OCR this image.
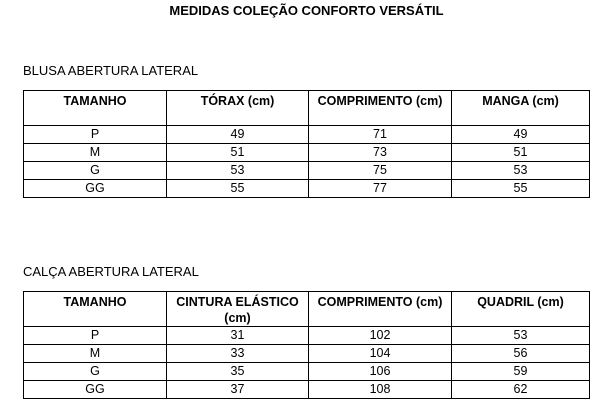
MEDIDAS COLEÇÃO CONFORTO VERSÁTIL
BLUSA ABERTURA LATERAL
TAMANHO	TÓRAX (cm)	COMPRIMENTO (cm)	MANGA (cm)
P	49	71	49
M	51	73	51
G	53	75	53
GG	55	77	55
CALÇA ABERTURA LATERAL
TAMANHO	CINTURA ELÁSTICO (cm)	COMPRIMENTO (cm)	QUADRIL (cm)
P	31	102	53
M	33	104	56
G	35	106	59
GG	37	108	62
